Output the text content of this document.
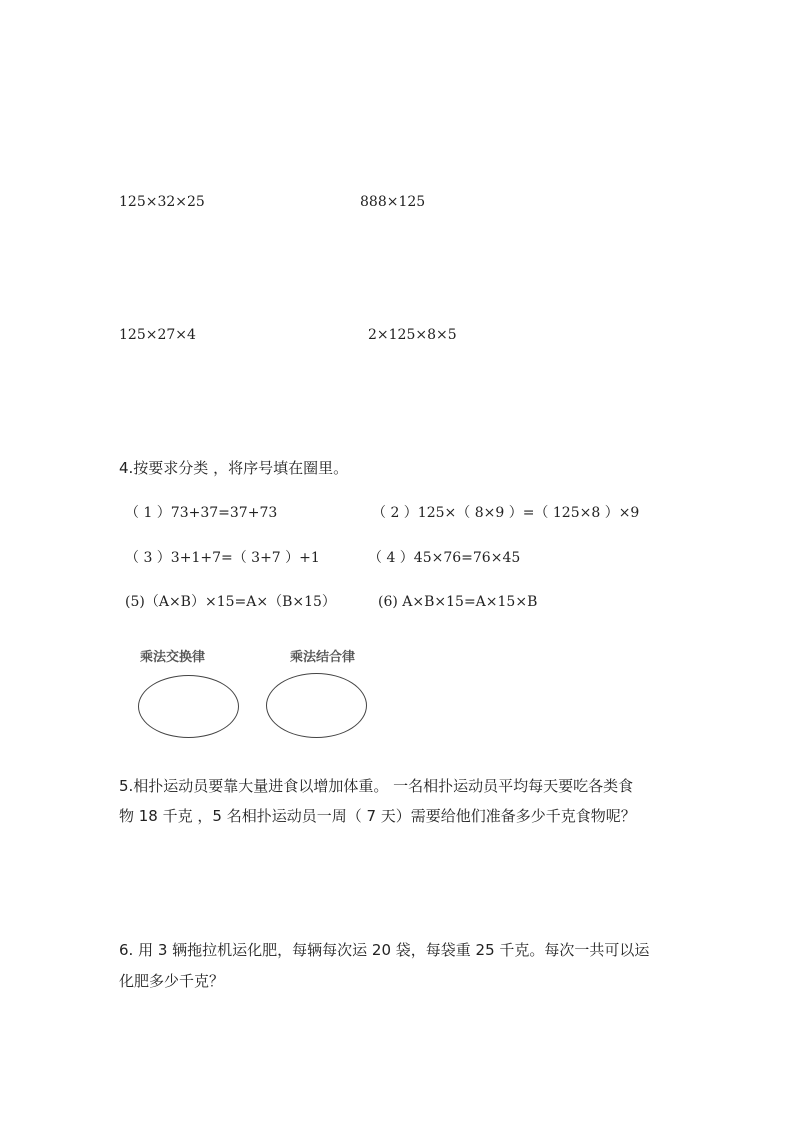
125×32×25	888×125
125×27×4	2×125×8×5
4.按要求分类 ，将序号填在圈里。
（ 1 ）73+37=37+73	（ 2 ）125×（ 8×9 ）=（ 125×8 ）×9
（ 3 ）3+1+7=（ 3+7 ）+1	（ 4 ）45×76=76×45
(5)（A×B）×15=A×（B×15）	(6) A×B×15=A×15×B
乘法交换律	乘法结合律
5.相扑运动员要靠大量进食以增加体重。 一名相扑运动员平均每天要吃各类食
物 18 千克 ，5 名相扑运动员一周（ 7 天）需要给他们准备多少千克食物呢？
6. 用 3 辆拖拉机运化肥，每辆每次运 20 袋，每袋重 25 千克。每次一共可以运
化肥多少千克？
